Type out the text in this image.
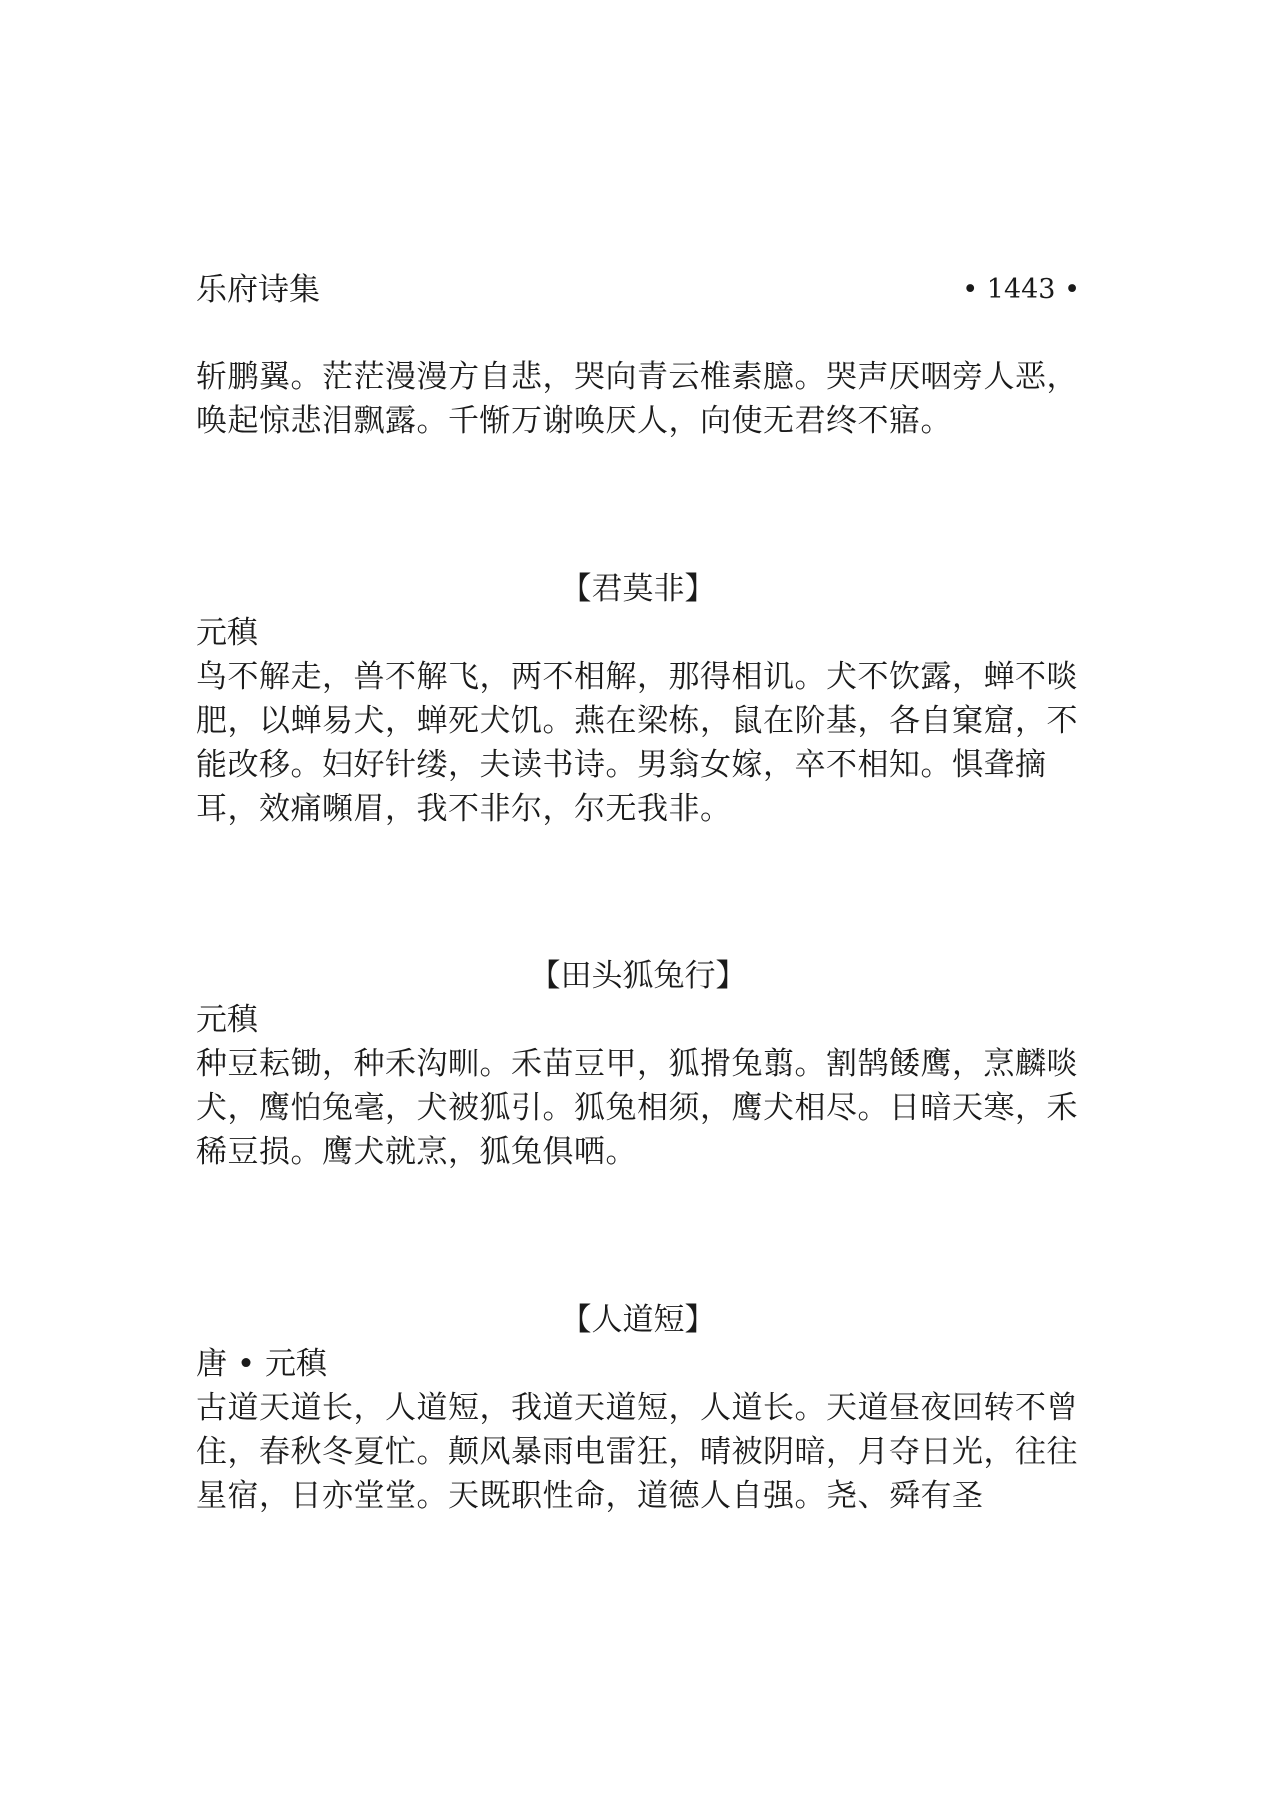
乐府诗集	• 1443 •

斩鹏翼。茫茫漫漫方自悲，哭向青云椎素臆。哭声厌咽旁人恶，唤起惊悲泪飘露。千惭万谢唤厌人，向使无君终不寤。

【君莫非】

元稹

鸟不解走，兽不解飞，两不相解，那得相讥。犬不饮露，蝉不啖肥，以蝉易犬，蝉死犬饥。燕在梁栋，鼠在阶基，各自窠窟，不能改移。妇好针缕，夫读书诗。男翁女嫁，卒不相知。惧聋摘耳，效痛嚬眉，我不非尔，尔无我非。

【田头狐兔行】

元稹

种豆耘锄，种禾沟甽。禾苗豆甲，狐搰兔翦。割鹄餧鹰，烹麟啖犬，鹰怕兔毫，犬被狐引。狐兔相须，鹰犬相尽。日暗天寒，禾稀豆损。鹰犬就烹，狐兔俱哂。

【人道短】

唐 • 元稹

古道天道长，人道短，我道天道短，人道长。天道昼夜回转不曾住，春秋冬夏忙。颠风暴雨电雷狂，晴被阴暗，月夺日光，往往星宿，日亦堂堂。天既职性命，道德人自强。尧、舜有圣
